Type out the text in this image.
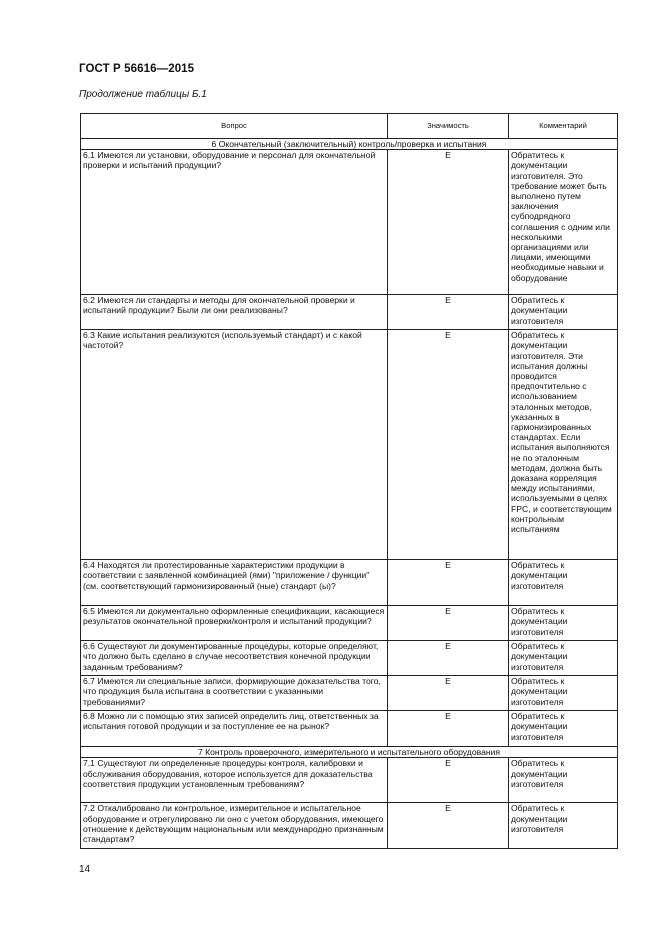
ГОСТ Р 56616—2015
Продолжение таблицы Б.1
Вопрос	Значимость	Комментарий
6 Окончательный (заключительный) контроль/проверка и испытания		
6.1 Имеются ли установки, оборудование и персонал для окончательной проверки и испытаний продукции?	E	Обратитесь к документации изготовителя. Это требование может быть выполнено путем заключения субподрядного соглашения с одним или несколькими организациями или лицами, имеющими необходимые навыки и оборудование
6.2 Имеются ли стандарты и методы для окончательной проверки и испытаний продукции? Были ли они реализованы?	E	Обратитесь к документации изготовителя
6.3 Какие испытания реализуются (используемый стандарт) и с какой частотой?	E	Обратитесь к документации изготовителя. Эти испытания должны проводится предпочтительно с использованием эталонных методов, указанных в гармонизированных стандартах. Если испытания выполняются не по эталонным методам, должна быть доказана корреляция между испытаниями, используемыми в целях FPC, и соответствующим контрольным испытаниям
6.4 Находятся ли протестированные характеристики продукции в соответствии с заявленной комбинацией (ями) "приложение / функции" (см. соответствующий гармонизированный (ные) стандарт (ы)?	E	Обратитесь к документации изготовителя
6.5 Имеются ли документально оформленные спецификации, касающиеся результатов окончательной проверки/контроля и испытаний продукции?	E	Обратитесь к документации изготовителя
6.6 Существуют ли документированные процедуры, которые определяют, что должно быть сделано в случае несоответствия конечной продукции заданным требованиям?	E	Обратитесь к документации изготовителя
6.7 Имеются ли специальные записи, формирующие доказательства того, что продукция была испытана в соответствии с указанными требованиями?	E	Обратитесь к документации изготовителя
6.8 Можно ли с помощью этих записей определить лиц, ответственных за испытания готовой продукции и за поступление ее на рынок?	E	Обратитесь к документации изготовителя
7 Контроль проверочного, измерительного и испытательного оборудования		
7.1 Существуют ли определенные процедуры контроля, калибровки и обслуживания оборудования, которое используется для доказательства соответствия продукции установленным требованиям?	E	Обратитесь к документации изготовителя
7.2 Откалибровано ли контрольное, измерительное и испытательное оборудование и отрегулировано ли оно с учетом оборудования, имеющего отношение к действующим национальным или международно признанным стандартам?	E	Обратитесь к документации изготовителя
14
